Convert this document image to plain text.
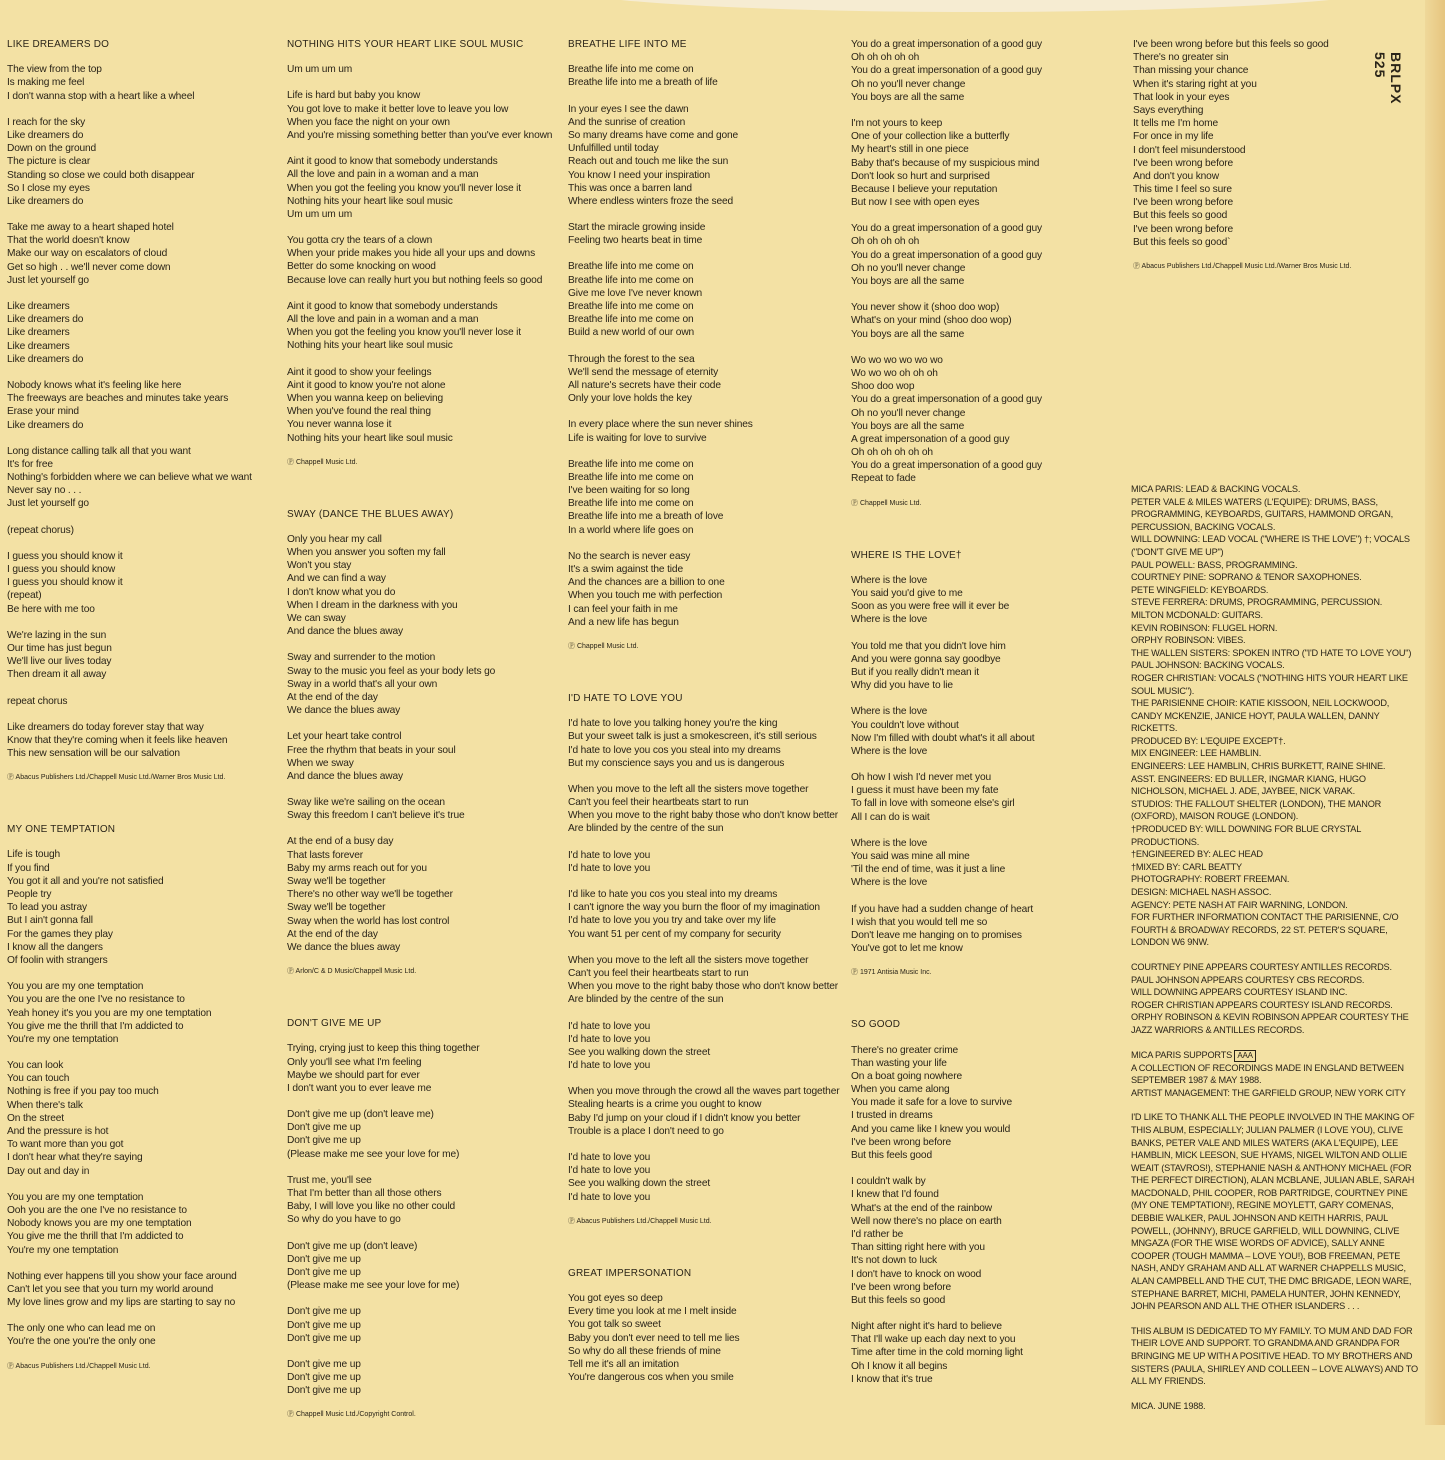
LIKE DREAMERS DO

The view from the top
Is making me feel
I don't wanna stop with a heart like a wheel

I reach for the sky
Like dreamers do
Down on the ground
The picture is clear
Standing so close we could both disappear
So I close my eyes
Like dreamers do

Take me away to a heart shaped hotel
That the world doesn't know
Make our way on escalators of cloud
Get so high . . we'll never come down
Just let yourself go

Like dreamers
Like dreamers do
Like dreamers
Like dreamers
Like dreamers do

Nobody knows what it's feeling like here
The freeways are beaches and minutes take years
Erase your mind
Like dreamers do

Long distance calling talk all that you want
It's for free
Nothing's forbidden where we can believe what we want
Never say no . . .
Just let yourself go

(repeat chorus)

I guess you should know it
I guess you should know
I guess you should know it
(repeat)
Be here with me too

We're lazing in the sun
Our time has just begun
We'll live our lives today
Then dream it all away

repeat chorus

Like dreamers do today forever stay that way
Know that they're coming when it feels like heaven
This new sensation will be our salvation

Ⓟ Abacus Publishers Ltd./Chappell Music Ltd./Warner Bros Music Ltd.

MY ONE TEMPTATION

Life is tough
If you find
You got it all and you're not satisfied
People try
To lead you astray
But I ain't gonna fall
For the games they play
I know all the dangers
Of foolin with strangers

You you are my one temptation
You you are the one I've no resistance to
Yeah honey it's you you are my one temptation
You give me the thrill that I'm addicted to
You're my one temptation

You can look
You can touch
Nothing is free if you pay too much
When there's talk
On the street
And the pressure is hot
To want more than you got
I don't hear what they're saying
Day out and day in

You you are my one temptation
Ooh you are the one I've no resistance to
Nobody knows you are my one temptation
You give me the thrill that I'm addicted to
You're my one temptation

Nothing ever happens till you show your face around
Can't let you see that you turn my world around
My love lines grow and my lips are starting to say no

The only one who can lead me on
You're the one you're the only one

Ⓟ Abacus Publishers Ltd./Chappell Music Ltd.

NOTHING HITS YOUR HEART LIKE SOUL MUSIC

Um um um um

Life is hard but baby you know
You got love to make it better love to leave you low
When you face the night on your own
And you're missing something better than you've ever known

Aint it good to know that somebody understands
All the love and pain in a woman and a man
When you got the feeling you know you'll never lose it
Nothing hits your heart like soul music
Um um um um

You gotta cry the tears of a clown
When your pride makes you hide all your ups and downs
Better do some knocking on wood
Because love can really hurt you but nothing feels so good

Aint it good to know that somebody understands
All the love and pain in a woman and a man
When you got the feeling you know you'll never lose it
Nothing hits your heart like soul music

Aint it good to show your feelings
Aint it good to know you're not alone
When you wanna keep on believing
When you've found the real thing
You never wanna lose it
Nothing hits your heart like soul music

Ⓟ Chappell Music Ltd.

SWAY (DANCE THE BLUES AWAY)

Only you hear my call
When you answer you soften my fall
Won't you stay
And we can find a way
I don't know what you do
When I dream in the darkness with you
We can sway
And dance the blues away

Sway and surrender to the motion
Sway to the music you feel as your body lets go
Sway in a world that's all your own
At the end of the day
We dance the blues away

Let your heart take control
Free the rhythm that beats in your soul
When we sway
And dance the blues away

Sway like we're sailing on the ocean
Sway this freedom I can't believe it's true

At the end of a busy day
That lasts forever
Baby my arms reach out for you
Sway we'll be together
There's no other way we'll be together
Sway we'll be together
Sway when the world has lost control
At the end of the day
We dance the blues away

Ⓟ Arlon/C & D Music/Chappell Music Ltd.

DON'T GIVE ME UP

Trying, crying just to keep this thing together
Only you'll see what I'm feeling
Maybe we should part for ever
I don't want you to ever leave me

Don't give me up (don't leave me)
Don't give me up
Don't give me up
(Please make me see your love for me)

Trust me, you'll see
That I'm better than all those others
Baby, I will love you like no other could
So why do you have to go

Don't give me up (don't leave)
Don't give me up
Don't give me up
(Please make me see your love for me)

Don't give me up
Don't give me up
Don't give me up

Don't give me up
Don't give me up
Don't give me up

Ⓟ Chappell Music Ltd./Copyright Control.

BREATHE LIFE INTO ME

Breathe life into me come on
Breathe life into me a breath of life

In your eyes I see the dawn
And the sunrise of creation
So many dreams have come and gone
Unfulfilled until today
Reach out and touch me like the sun
You know I need your inspiration
This was once a barren land
Where endless winters froze the seed

Start the miracle growing inside
Feeling two hearts beat in time

Breathe life into me come on
Breathe life into me come on
Give me love I've never known
Breathe life into me come on
Breathe life into me come on
Build a new world of our own

Through the forest to the sea
We'll send the message of eternity
All nature's secrets have their code
Only your love holds the key

In every place where the sun never shines
Life is waiting for love to survive

Breathe life into me come on
Breathe life into me come on
I've been waiting for so long
Breathe life into me come on
Breathe life into me a breath of love
In a world where life goes on

No the search is never easy
It's a swim against the tide
And the chances are a billion to one
When you touch me with perfection
I can feel your faith in me
And a new life has begun

Ⓟ Chappell Music Ltd.

I'D HATE TO LOVE YOU

I'd hate to love you talking honey you're the king
But your sweet talk is just a smokescreen, it's still serious
I'd hate to love you cos you steal into my dreams
But my conscience says you and us is dangerous

When you move to the left all the sisters move together
Can't you feel their heartbeats start to run
When you move to the right baby those who don't know better
Are blinded by the centre of the sun

I'd hate to love you
I'd hate to love you

I'd like to hate you cos you steal into my dreams
I can't ignore the way you burn the floor of my imagination
I'd hate to love you you try and take over my life
You want 51 per cent of my company for security

When you move to the left all the sisters move together
Can't you feel their heartbeats start to run
When you move to the right baby those who don't know better
Are blinded by the centre of the sun

I'd hate to love you
I'd hate to love you
See you walking down the street
I'd hate to love you

When you move through the crowd all the waves part together
Stealing hearts is a crime you ought to know
Baby I'd jump on your cloud if I didn't know you better
Trouble is a place I don't need to go

I'd hate to love you
I'd hate to love you
See you walking down the street
I'd hate to love you

Ⓟ Abacus Publishers Ltd./Chappell Music Ltd.

GREAT IMPERSONATION

You got eyes so deep
Every time you look at me I melt inside
You got talk so sweet
Baby you don't ever need to tell me lies
So why do all these friends of mine
Tell me it's all an imitation
You're dangerous cos when you smile

You do a great impersonation of a good guy
Oh oh oh oh oh
You do a great impersonation of a good guy
Oh no you'll never change
You boys are all the same

I'm not yours to keep
One of your collection like a butterfly
My heart's still in one piece
Baby that's because of my suspicious mind
Don't look so hurt and surprised
Because I believe your reputation
But now I see with open eyes

You do a great impersonation of a good guy
Oh oh oh oh oh
You do a great impersonation of a good guy
Oh no you'll never change
You boys are all the same

You never show it (shoo doo wop)
What's on your mind (shoo doo wop)
You boys are all the same

Wo wo wo wo wo wo
Wo wo wo oh oh oh
Shoo doo wop
You do a great impersonation of a good guy
Oh no you'll never change
You boys are all the same
A great impersonation of a good guy
Oh oh oh oh oh oh
You do a great impersonation of a good guy
Repeat to fade

Ⓟ Chappell Music Ltd.

WHERE IS THE LOVE†

Where is the love
You said you'd give to me
Soon as you were free will it ever be
Where is the love

You told me that you didn't love him
And you were gonna say goodbye
But if you really didn't mean it
Why did you have to lie

Where is the love
You couldn't love without
Now I'm filled with doubt what's it all about
Where is the love

Oh how I wish I'd never met you
I guess it must have been my fate
To fall in love with someone else's girl
All I can do is wait

Where is the love
You said was mine all mine
'Til the end of time, was it just a line
Where is the love

If you have had a sudden change of heart
I wish that you would tell me so
Don't leave me hanging on to promises
You've got to let me know

Ⓟ 1971 Antisia Music Inc.

SO GOOD

There's no greater crime
Than wasting your life
On a boat going nowhere
When you came along
You made it safe for a love to survive
I trusted in dreams
And you came like I knew you would
I've been wrong before
But this feels good

I couldn't walk by
I knew that I'd found
What's at the end of the rainbow
Well now there's no place on earth
I'd rather be
Than sitting right here with you
It's not down to luck
I don't have to knock on wood
I've been wrong before
But this feels so good

Night after night it's hard to believe
That I'll wake up each day next to you
Time after time in the cold morning light
Oh I know it all begins
I know that it's true

I've been wrong before but this feels so good
There's no greater sin
Than missing your chance
When it's staring right at you
That look in your eyes
Says everything
It tells me I'm home
For once in my life
I don't feel misunderstood
I've been wrong before
And don't you know
This time I feel so sure
I've been wrong before
But this feels so good
I've been wrong before
But this feels so good`

Ⓟ Abacus Publishers Ltd./Chappell Music Ltd./Warner Bros Music Ltd.

MICA PARIS: LEAD & BACKING VOCALS.

PETER VALE & MILES WATERS (L'EQUIPE): DRUMS, BASS, PROGRAMMING, KEYBOARDS, GUITARS, HAMMOND ORGAN, PERCUSSION, BACKING VOCALS.

WILL DOWNING: LEAD VOCAL ("WHERE IS THE LOVE") †; VOCALS ("DON'T GIVE ME UP")

PAUL POWELL: BASS, PROGRAMMING.

COURTNEY PINE: SOPRANO & TENOR SAXOPHONES.

PETE WINGFIELD: KEYBOARDS.

STEVE FERRERA: DRUMS, PROGRAMMING, PERCUSSION.

MILTON MCDONALD: GUITARS.

KEVIN ROBINSON: FLUGEL HORN.

ORPHY ROBINSON: VIBES.

THE WALLEN SISTERS: SPOKEN INTRO ("I'D HATE TO LOVE YOU")

PAUL JOHNSON: BACKING VOCALS.

ROGER CHRISTIAN: VOCALS ("NOTHING HITS YOUR HEART LIKE SOUL MUSIC").

THE PARISIENNE CHOIR: KATIE KISSOON, NEIL LOCKWOOD, CANDY MCKENZIE, JANICE HOYT, PAULA WALLEN, DANNY RICKETTS.

PRODUCED BY: L'EQUIPE EXCEPT†.

MIX ENGINEER: LEE HAMBLIN.

ENGINEERS: LEE HAMBLIN, CHRIS BURKETT, RAINE SHINE.

ASST. ENGINEERS: ED BULLER, INGMAR KIANG, HUGO NICHOLSON, MICHAEL J. ADE, JAYBEE, NICK VARAK.

STUDIOS: THE FALLOUT SHELTER (LONDON), THE MANOR (OXFORD), MAISON ROUGE (LONDON).

†PRODUCED BY: WILL DOWNING FOR BLUE CRYSTAL PRODUCTIONS.

†ENGINEERED BY: ALEC HEAD

†MIXED BY: CARL BEATTY

PHOTOGRAPHY: ROBERT FREEMAN.

DESIGN: MICHAEL NASH ASSOC.

AGENCY: PETE NASH AT FAIR WARNING, LONDON.

FOR FURTHER INFORMATION CONTACT THE PARISIENNE, C/O FOURTH & BROADWAY RECORDS, 22 ST. PETER'S SQUARE, LONDON W6 9NW.

COURTNEY PINE APPEARS COURTESY ANTILLES RECORDS.

PAUL JOHNSON APPEARS COURTESY CBS RECORDS.

WILL DOWNING APPEARS COURTESY ISLAND INC.

ROGER CHRISTIAN APPEARS COURTESY ISLAND RECORDS.

ORPHY ROBINSON & KEVIN ROBINSON APPEAR COURTESY THE JAZZ WARRIORS & ANTILLES RECORDS.

MICA PARIS SUPPORTS AAA

A COLLECTION OF RECORDINGS MADE IN ENGLAND BETWEEN SEPTEMBER 1987 & MAY 1988.

ARTIST MANAGEMENT: THE GARFIELD GROUP, NEW YORK CITY

I'D LIKE TO THANK ALL THE PEOPLE INVOLVED IN THE MAKING OF THIS ALBUM, ESPECIALLY; JULIAN PALMER (I LOVE YOU), CLIVE BANKS, PETER VALE AND MILES WATERS (AKA L'EQUIPE), LEE HAMBLIN, MICK LEESON, SUE HYAMS, NIGEL WILTON AND OLLIE WEAIT (STAVROS!), STEPHANIE NASH & ANTHONY MICHAEL (FOR THE PERFECT DIRECTION), ALAN MCBLANE, JULIAN ABLE, SARAH MACDONALD, PHIL COOPER, ROB PARTRIDGE, COURTNEY PINE (MY ONE TEMPTATION!), REGINE MOYLETT, GARY COMENAS, DEBBIE WALKER, PAUL JOHNSON AND KEITH HARRIS, PAUL POWELL, (JOHNNY), BRUCE GARFIELD, WILL DOWNING, CLIVE MNGAZA (FOR THE WISE WORDS OF ADVICE), SALLY ANNE COOPER (TOUGH MAMMA – LOVE YOU!), BOB FREEMAN, PETE NASH, ANDY GRAHAM AND ALL AT WARNER CHAPPELLS MUSIC, ALAN CAMPBELL AND THE CUT, THE DMC BRIGADE, LEON WARE, STEPHANE BARRET, MICHI, PAMELA HUNTER, JOHN KENNEDY, JOHN PEARSON AND ALL THE OTHER ISLANDERS . . .

THIS ALBUM IS DEDICATED TO MY FAMILY. TO MUM AND DAD FOR THEIR LOVE AND SUPPORT. TO GRANDMA AND GRANDPA FOR BRINGING ME UP WITH A POSITIVE HEAD. TO MY BROTHERS AND SISTERS (PAULA, SHIRLEY AND COLLEEN – LOVE ALWAYS) AND TO ALL MY FRIENDS.

MICA. JUNE 1988.

BRLPX 525
